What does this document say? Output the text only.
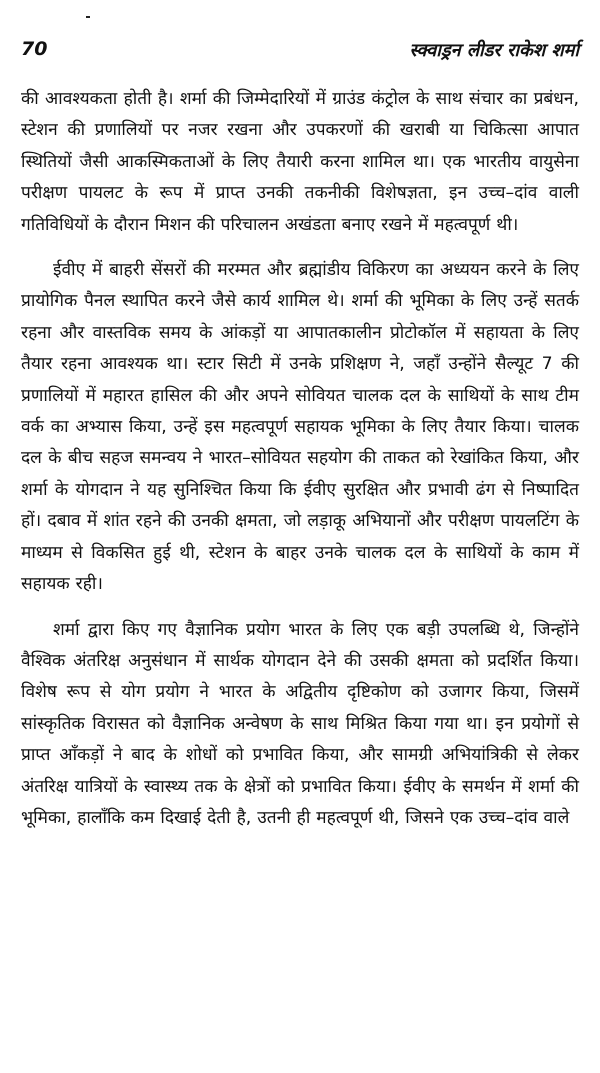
70	स्क्वाड्रन लीडर राकेश शर्मा

की आवश्यकता होती है। शर्मा की जिम्मेदारियों में ग्राउंड कंट्रोल के साथ संचार का प्रबंधन, स्टेशन की प्रणालियों पर नजर रखना और उपकरणों की खराबी या चिकित्सा आपात स्थितियों जैसी आकस्मिकताओं के लिए तैयारी करना शामिल था। एक भारतीय वायुसेना परीक्षण पायलट के रूप में प्राप्त उनकी तकनीकी विशेषज्ञता, इन उच्च–दांव वाली गतिविधियों के दौरान मिशन की परिचालन अखंडता बनाए रखने में महत्वपूर्ण थी।

ईवीए में बाहरी सेंसरों की मरम्मत और ब्रह्मांडीय विकिरण का अध्ययन करने के लिए प्रायोगिक पैनल स्थापित करने जैसे कार्य शामिल थे। शर्मा की भूमिका के लिए उन्हें सतर्क रहना और वास्तविक समय के आंकड़ों या आपातकालीन प्रोटोकॉल में सहायता के लिए तैयार रहना आवश्यक था। स्टार सिटी में उनके प्रशिक्षण ने, जहाँ उन्होंने सैल्यूट 7 की प्रणालियों में महारत हासिल की और अपने सोवियत चालक दल के साथियों के साथ टीम वर्क का अभ्यास किया, उन्हें इस महत्वपूर्ण सहायक भूमिका के लिए तैयार किया। चालक दल के बीच सहज समन्वय ने भारत–सोवियत सहयोग की ताकत को रेखांकित किया, और शर्मा के योगदान ने यह सुनिश्चित किया कि ईवीए सुरक्षित और प्रभावी ढंग से निष्पादित हों। दबाव में शांत रहने की उनकी क्षमता, जो लड़ाकू अभियानों और परीक्षण पायलटिंग के माध्यम से विकसित हुई थी, स्टेशन के बाहर उनके चालक दल के साथियों के काम में सहायक रही।

शर्मा द्वारा किए गए वैज्ञानिक प्रयोग भारत के लिए एक बड़ी उपलब्धि थे, जिन्होंने वैश्विक अंतरिक्ष अनुसंधान में सार्थक योगदान देने की उसकी क्षमता को प्रदर्शित किया। विशेष रूप से योग प्रयोग ने भारत के अद्वितीय दृष्टिकोण को उजागर किया, जिसमें सांस्कृतिक विरासत को वैज्ञानिक अन्वेषण के साथ मिश्रित किया गया था। इन प्रयोगों से प्राप्त आँकड़ों ने बाद के शोधों को प्रभावित किया, और सामग्री अभियांत्रिकी से लेकर अंतरिक्ष यात्रियों के स्वास्थ्य तक के क्षेत्रों को प्रभावित किया। ईवीए के समर्थन में शर्मा की भूमिका, हालाँकि कम दिखाई देती है, उतनी ही महत्वपूर्ण थी, जिसने एक उच्च–दांव वाले
